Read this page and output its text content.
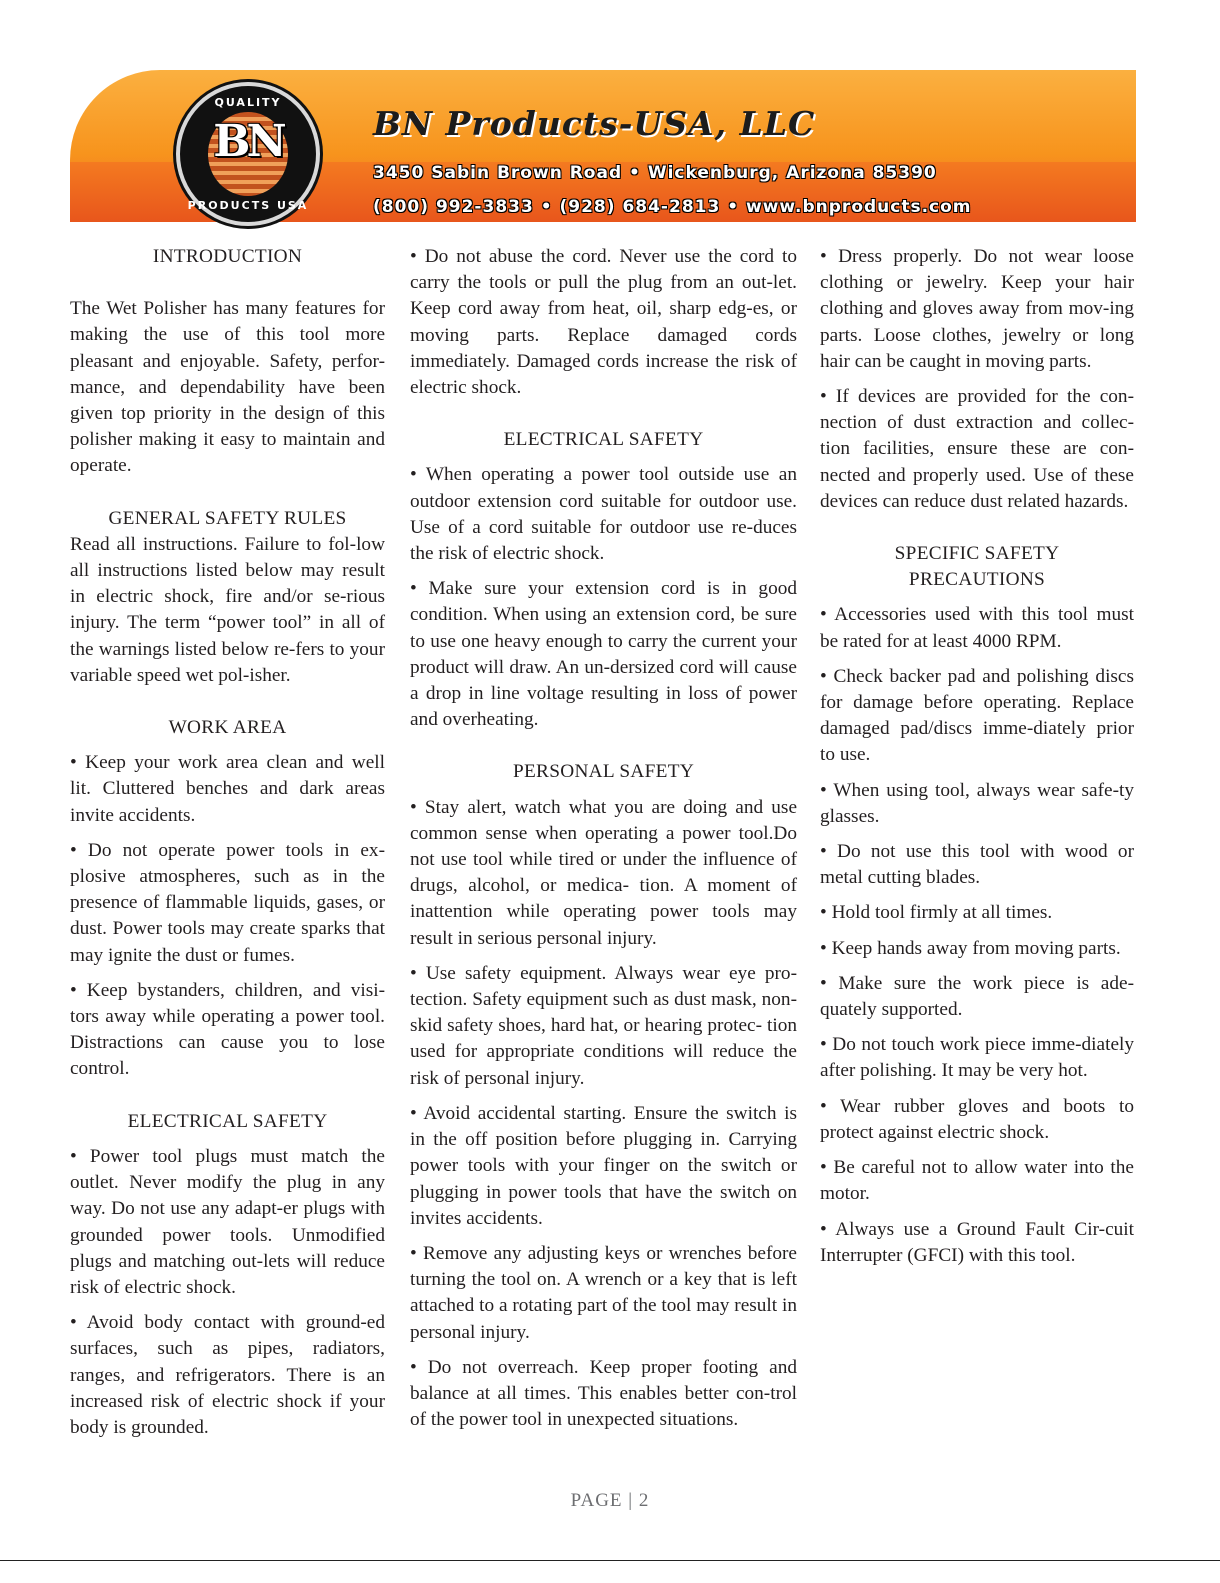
QUALITY
BN
PRODUCTS USA
BN Products-USA, LLC
3450 Sabin Brown Road • Wickenburg, Arizona 85390
(800) 992-3833 • (928) 684-2813 • www.bnproducts.com
INTRODUCTION

The Wet Polisher has many features for making the use of this tool more pleasant and enjoyable. Safety, perfor-mance, and dependability have been given top priority in the design of this polisher making it easy to maintain and operate.

GENERAL SAFETY RULES

Read all instructions. Failure to fol-low all instructions listed below may result in electric shock, fire and/or se-rious injury. The term “power tool” in all of the warnings listed below re-fers to your variable speed wet pol-isher.

WORK AREA

• Keep your work area clean and well lit. Cluttered benches and dark areas invite accidents.

• Do not operate power tools in ex-plosive atmospheres, such as in the presence of flammable liquids, gases, or dust. Power tools may create sparks that may ignite the dust or fumes.

• Keep bystanders, children, and visi-tors away while operating a power tool. Distractions can cause you to lose control.

ELECTRICAL SAFETY

• Power tool plugs must match the outlet. Never modify the plug in any way. Do not use any adapt-er plugs with grounded power tools. Unmodified plugs and matching out-lets will reduce risk of electric shock.

• Avoid body contact with ground-ed surfaces, such as pipes, radiators, ranges, and refrigerators. There is an increased risk of electric shock if your body is grounded.

• Do not abuse the cord. Never use the cord to carry the tools or pull the plug from an out-let. Keep cord away from heat, oil, sharp edg-es, or moving parts. Replace damaged cords immediately. Damaged cords increase the risk of electric shock.

ELECTRICAL SAFETY

• When operating a power tool outside use an outdoor extension cord suitable for outdoor use. Use of a cord suitable for outdoor use re-duces the risk of electric shock.

• Make sure your extension cord is in good condition. When using an extension cord, be sure to use one heavy enough to carry the current your product will draw. An un-dersized cord will cause a drop in line voltage resulting in loss of power and overheating.

PERSONAL SAFETY

• Stay alert, watch what you are doing and use common sense when operating a power tool.Do not use tool while tired or under the influence of drugs, alcohol, or medica- tion. A moment of inattention while operating power tools may result in serious personal injury.

• Use safety equipment. Always wear eye pro-tection. Safety equipment such as dust mask, non-skid safety shoes, hard hat, or hearing protec- tion used for appropriate conditions will reduce the risk of personal injury.

• Avoid accidental starting. Ensure the switch is in the off position before plugging in. Carrying power tools with your finger on the switch or plugging in power tools that have the switch on invites accidents.

• Remove any adjusting keys or wrenches before turning the tool on. A wrench or a key that is left attached to a rotating part of the tool may result in personal injury.

• Do not overreach. Keep proper footing and balance at all times. This enables better con-trol of the power tool in unexpected situations.

• Dress properly. Do not wear loose clothing or jewelry. Keep your hair clothing and gloves away from mov-ing parts. Loose clothes, jewelry or long hair can be caught in moving parts.

• If devices are provided for the con-nection of dust extraction and collec-tion facilities, ensure these are con-nected and properly used. Use of these devices can reduce dust related hazards.

SPECIFIC SAFETY
PRECAUTIONS

• Accessories used with this tool must be rated for at least 4000 RPM.

• Check backer pad and polishing discs for damage before operating. Replace damaged pad/discs imme-diately prior to use.

• When using tool, always wear safe-ty glasses.

• Do not use this tool with wood or metal cutting blades.

• Hold tool firmly at all times.

• Keep hands away from moving parts.

• Make sure the work piece is ade-quately supported.

• Do not touch work piece imme-diately after polishing. It may be very hot.

• Wear rubber gloves and boots to protect against electric shock.

• Be careful not to allow water into the motor.

• Always use a Ground Fault Cir-cuit Interrupter (GFCI) with this tool.

PAGE | 2
